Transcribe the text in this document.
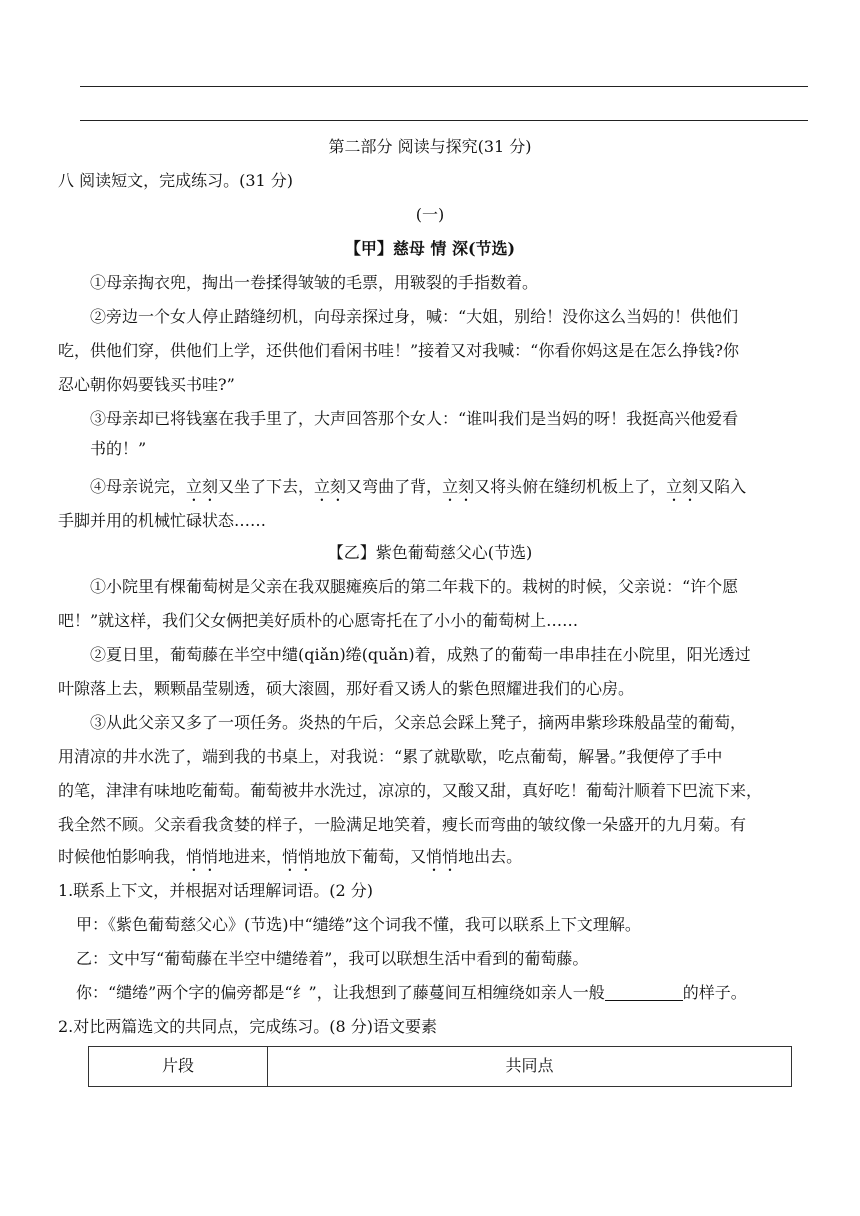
第二部分 阅读与探究(31 分)
八 阅读短文，完成练习。(31 分)
(一)
【甲】慈母 情 深(节选)
①母亲掏衣兜，掏出一卷揉得皱皱的毛票，用皲裂的手指数着。
②旁边一个女人停止踏缝纫机，向母亲探过身，喊：“大姐，别给！没你这么当妈的！供他们
吃，供他们穿，供他们上学，还供他们看闲书哇！”接着又对我喊：“你看你妈这是在怎么挣钱?你
忍心朝你妈要钱买书哇?”
③母亲却已将钱塞在我手里了，大声回答那个女人：“谁叫我们是当妈的呀！我挺高兴他爱看
书的！”
④母亲说完，立刻又坐了下去，立刻又弯曲了背，立刻又将头俯在缝纫机板上了，立刻又陷入
手脚并用的机械忙碌状态……
【乙】紫色葡萄慈父心(节选)
①小院里有棵葡萄树是父亲在我双腿瘫痪后的第二年栽下的。栽树的时候，父亲说：“许个愿
吧！”就这样，我们父女俩把美好质朴的心愿寄托在了小小的葡萄树上……
②夏日里，葡萄藤在半空中缱(qiǎn)绻(quǎn)着，成熟了的葡萄一串串挂在小院里，阳光透过
叶隙落上去，颗颗晶莹剔透，硕大滚圆，那好看又诱人的紫色照耀进我们的心房。
③从此父亲又多了一项任务。炎热的午后，父亲总会踩上凳子，摘两串紫珍珠般晶莹的葡萄，
用清凉的井水洗了，端到我的书桌上，对我说：“累了就歇歇，吃点葡萄，解暑。”我便停了手中
的笔，津津有味地吃葡萄。葡萄被井水洗过，凉凉的，又酸又甜，真好吃！葡萄汁顺着下巴流下来，
我全然不顾。父亲看我贪婪的样子，一脸满足地笑着，瘦长而弯曲的皱纹像一朵盛开的九月菊。有
时候他怕影响我，悄悄地进来，悄悄地放下葡萄，又悄悄地出去。
1.联系上下文，并根据对话理解词语。(2 分)
甲：《紫色葡萄慈父心》(节选)中“缱绻”这个词我不懂，我可以联系上下文理解。
乙：文中写“葡萄藤在半空中缱绻着”，我可以联想生活中看到的葡萄藤。
你：“缱绻”两个字的偏旁都是“纟”，让我想到了藤蔓间互相缠绕如亲人一般	的样子。
2.对比两篇选文的共同点，完成练习。(8 分)语文要素
片段	共同点
